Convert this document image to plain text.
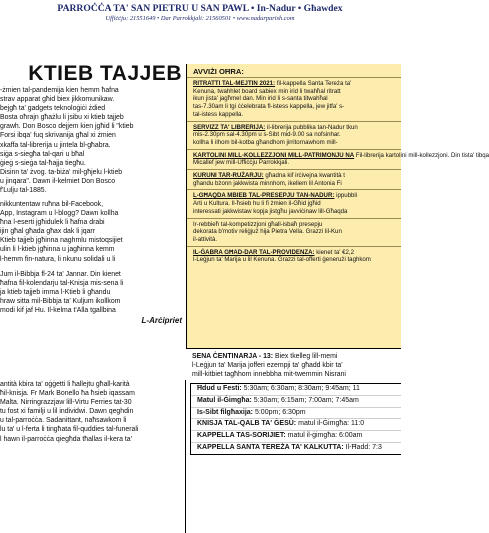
PARROĊĊA TA' SAN PIETRU U SAN PAWL • In-Nadur • Għawdex
Uffiċċju: 21551649 • Dar Parrokkjali: 21560501 • www.nadurparish.com
KTIEB TAJJEB

-żmien tal-pandemija kien hemm ħafna

strav apparat għid biex jikkomunikaw.

bejgħ ta' gadgets teknoloġiċi żdied

Bosta oħrajn għażlu li jsibu xi ktieb tajjeb

grawh. Don Bosco dejjem kien jgħid li "ktieb

Forsi ibqa' fuq skrivanija għal xi żmien

xkaffa tal-librerija u jintela bl-għabra.

siġa s-siegħa tal-qari u bħal

ġieġ s-sieġa tal-ħajja tiegħu.

Disinn ta' żvog. ta-biża' mil-għjelu l-ktieb

u jinqara". Dawn il-kelmiet Don Bosco

f'Lulju tal-1885.

nikkuntentaw ruħna bil-Facebook,

App, Instagram u l-blogg? Dawn kollha

ħna l-eserti jgħidulek li ħafna drabi

ijin għal għada għax dak li jqarr

Ktieb tajjeb jgħinna naghmlu mistoqsijiet

ulin li l-ktieb jgħinna u jagħinna kemm

l-hemm fin-natura, li nkunu solidali u li

Jum il-Bibbja fl-24 ta' Jannar. Din kienet

ħafna fil-kolendarju tal-Knisja mis-sena li

ja ktieb tajjeb imma l-Ktieb li għandu

hraw sitta mil-Bibbja ta' Kuljum ikollkom

modi kif jaf Hu. Il-kelma t'Alla tgallbina

L-Arċipriet

antità kbira ta' oġġetti li ħallejtu għall-karità

ħil-knisja. Fr Mark Bonello ħa ħsieb iqassam

Malta. Nirringrazzjaw lill-Virtu Ferries tat-30

tu fost xi familji u lil individwi. Dawn qeghdin

u tal-parroċċa. Sadanittant, naħsawkom li

lu ta' u l-ferta li tingħata fil-quddies tal-funerali

l hawn il-parroċċa qiegħda tħallas il-kera ta'

AVVIŻI OĦRA:
RITRATTI TAL-MEJTIN 2021: fil-kappella Santa Tereża ta'
Kenuna, twahhlet board sabiex min irid li twahħal ritratt
ikun jista' jagħmel dan. Min irid li s-santa titwahħal
tas-7.30am li tgi ċċelebrata fl-istess kappella, jew jitfa' s-
tal-istess kappella.
SERVIZZ TA' LIBRERIJA: il-librerija pubblika tan-Nadur tkun
mis-2.30pm sal-4.30pm u s-Sibt mid-9.00 sa nofsinhar.
kollha li ilhom bil-kotba għandhom jirritornawhom mill-
KARTOLINI MILL-KOLLEZZJONI MILL-PATRIMONJU NA Fil-librerija kartolini mill-kollezzjoni. Din tista' tibqa
Micallef jew mill-Uffiċċju Parrokkjali.
KURUNI TAR-RUŻARJU: għadna kif irċivejna kwantità t
għandu bżonn jakkwista minnhom, ikellem lil Antonia Fi
L-GĦAQDA MBIEB TAL-PRESEPJU TAN-NADUR: ippubbli
Arti u Kultura. Il-ħsieb hu li fi żmien il-Għid jgħid
interessati jakkwistaw kopja jistgħu javviċinaw lill-Għaqda
Ir-rebbieħ tal-kompetizzjoni għall-isbaħ presepju
dekorata b'motiv reliġjuż hija Pietra Vella. Grazzi lil-Kun
il-attività.
IL-ĠABRA GĦAD-DAR TAL-PROVIDENZA: kienet ta' €2,2
l-Leġjun ta' Marija u lil Kenuna. Grazzi tal-offerti ġenerużi taghkom
SENA ĊENTINARJA - 13: Biex tkelleg lill-memi
l-Leġjun ta' Marija jofferi ezempji ta' għadd kbir ta'
mill-kitbiet tagħhom innebbha mit-twemmin Nisrani
Ħdud u Festi: 5:30am; 6:30am; 8:30am; 9:45am; 11
Matul il-Ġimgħa: 5:30am; 6:15am; 7:00am; 7:45am
Is-Sibt filgħaxija: 5:00pm; 6:30pm
KNISJA TAL-QALB TA' ĠESÙ: matul il-Ġimgħa: 11:0
KAPPELLA TAS-SORIJIET: matul il-ġimgħa: 6:00am
KAPPELLA SANTA TEREŻA TA' KALKUTTA: Il-Ħadd: 7:3
